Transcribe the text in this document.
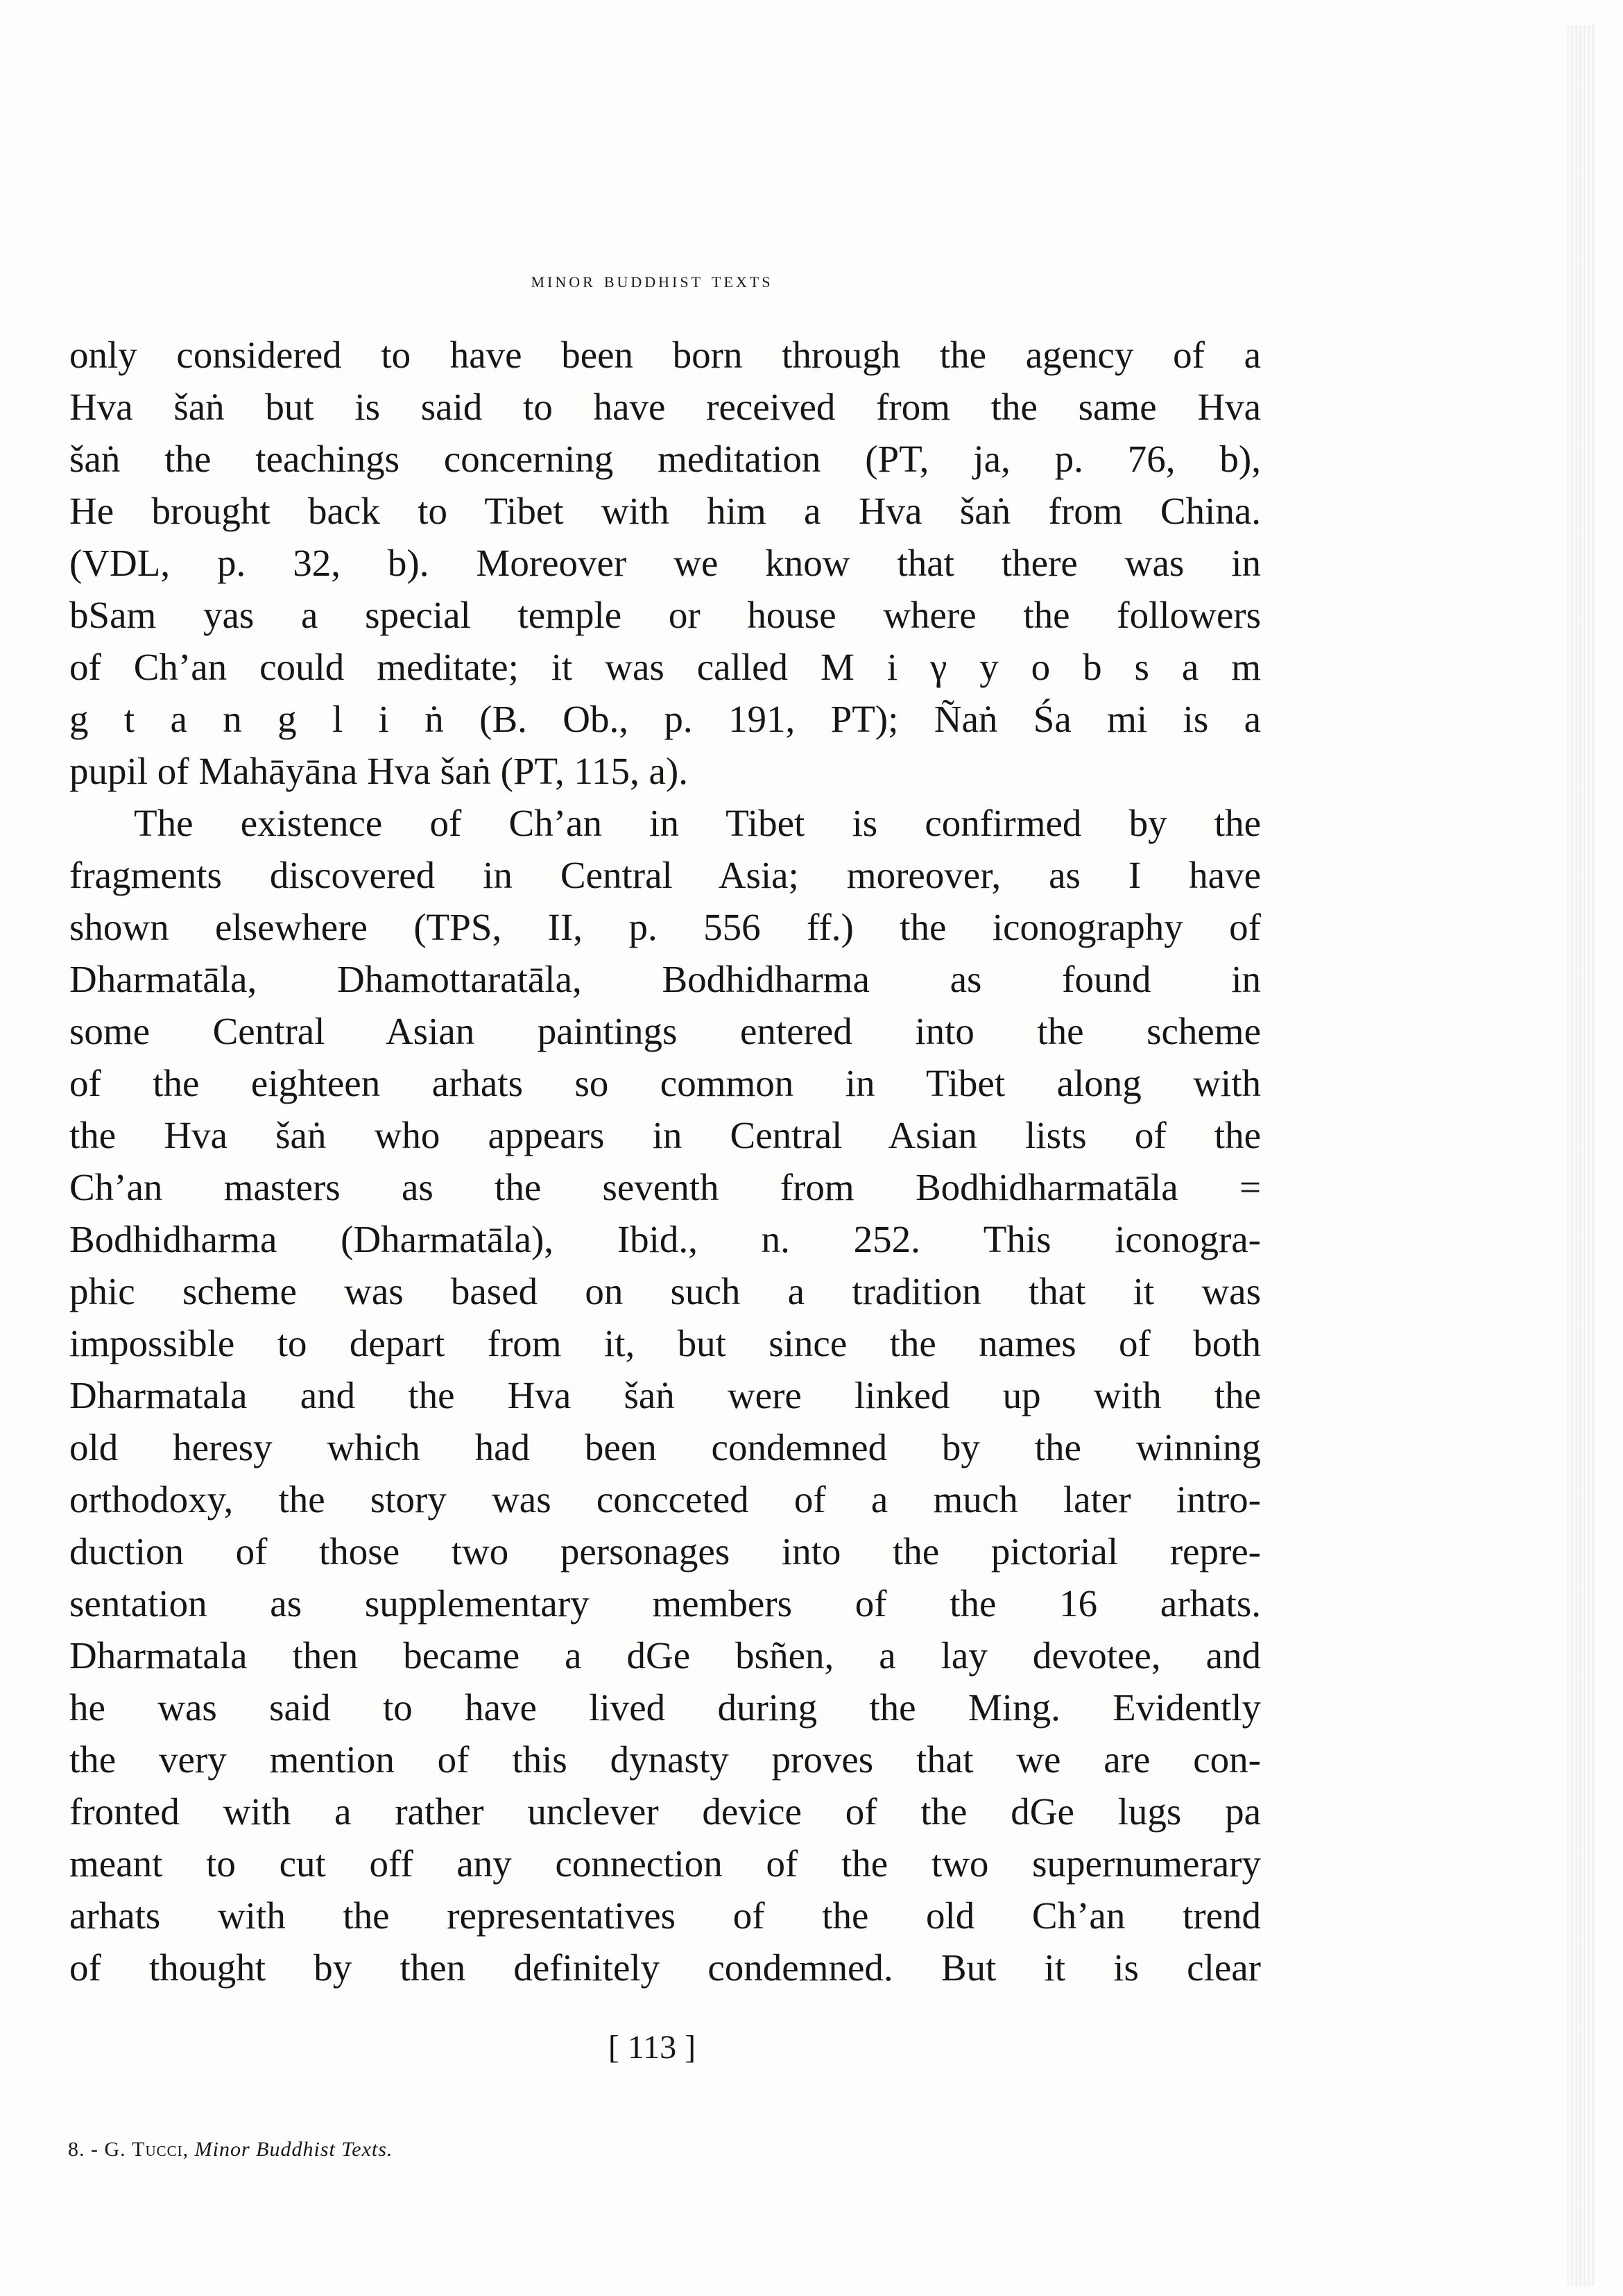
minor buddhist texts
only considered to have been born through the agency of a
Hva šaṅ but is said to have received from the same Hva
šaṅ the teachings concerning meditation (PT, ja, p. 76, b),
He brought back to Tibet with him a Hva šaṅ from China.
(VDL, p. 32, b). Moreover we know that there was in
bSam yas a special temple or house where the followers
of Ch’an could meditate; it was called M i γ y o b s a m
g t a n g l i ṅ (B. Ob., p. 191, PT); Ñaṅ Śa mi is a
pupil of Mahāyāna Hva šaṅ (PT, 115, a).
The existence of Ch’an in Tibet is confirmed by the
fragments discovered in Central Asia; moreover, as I have
shown elsewhere (TPS, II, p. 556 ff.) the iconography of
Dharmatāla, Dhamottaratāla, Bodhidharma as found in
some Central Asian paintings entered into the scheme
of the eighteen arhats so common in Tibet along with
the Hva šaṅ who appears in Central Asian lists of the
Ch’an masters as the seventh from Bodhidharmatāla =
Bodhidharma (Dharmatāla), Ibid., n. 252. This iconogra-
phic scheme was based on such a tradition that it was
impossible to depart from it, but since the names of both
Dharmatala and the Hva šaṅ were linked up with the
old heresy which had been condemned by the winning
orthodoxy, the story was concceted of a much later intro-
duction of those two personages into the pictorial repre-
sentation as supplementary members of the 16 arhats.
Dharmatala then became a dGe bsñen, a lay devotee, and
he was said to have lived during the Ming. Evidently
the very mention of this dynasty proves that we are con-
fronted with a rather unclever device of the dGe lugs pa
meant to cut off any connection of the two supernumerary
arhats with the representatives of the old Ch’an trend
of thought by then definitely condemned. But it is clear
[ 113 ]
8. - G. Tucci, Minor Buddhist Texts.
